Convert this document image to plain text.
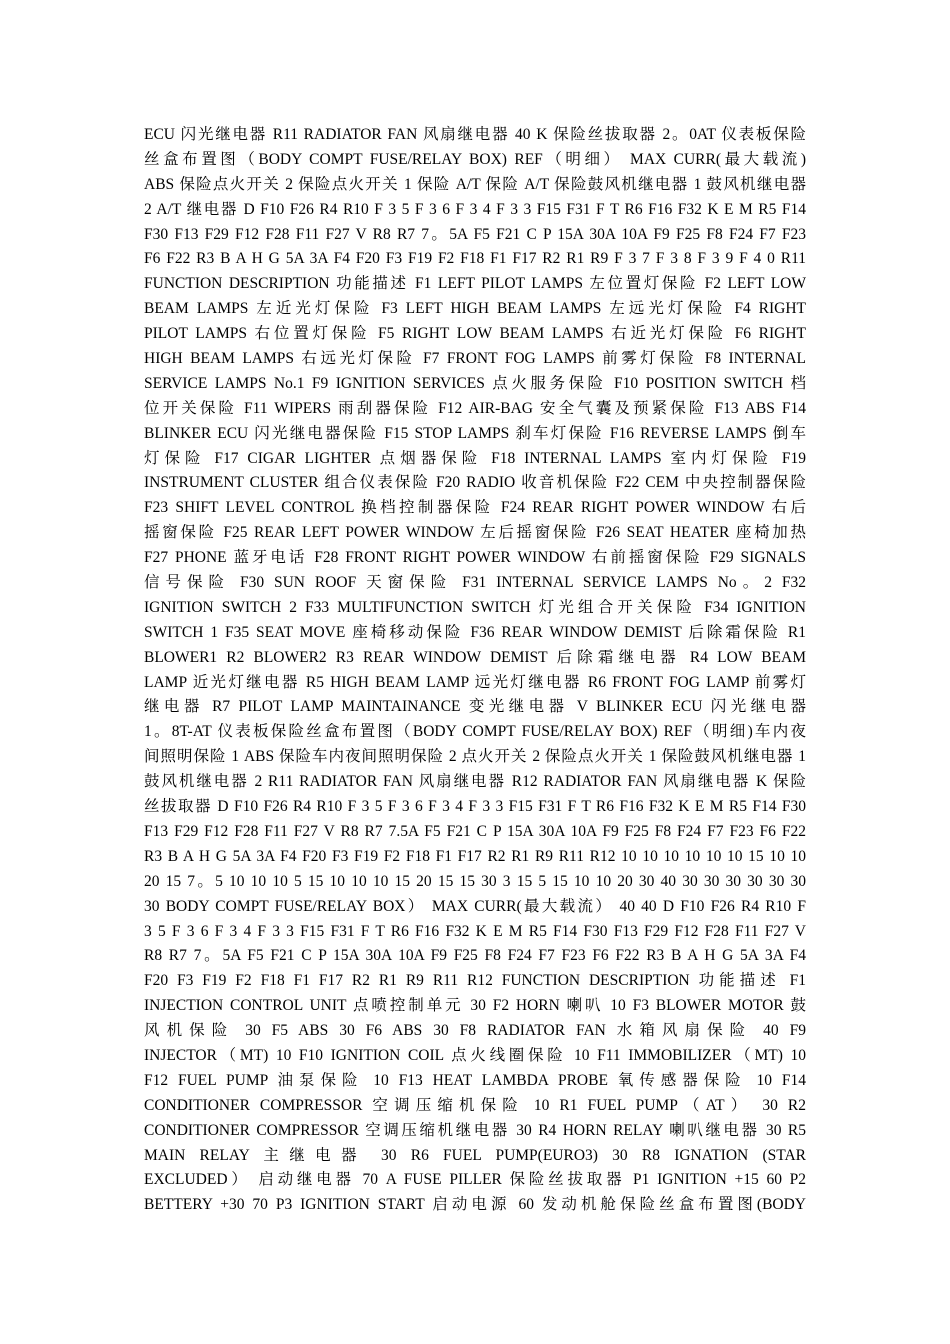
ECU 闪光继电器 R11 RADIATOR FAN 风扇继电器 40 K 保险丝拔取器 2。0AT 仪表板保险
丝盒布置图（BODY COMPT FUSE/RELAY BOX) REF（明细） MAX CURR(最大载流)
ABS 保险点火开关 2 保险点火开关 1 保险 A/T 保险 A/T 保险鼓风机继电器 1 鼓风机继电器
2 A/T 继电器 D F10 F26 R4 R10 F 3 5 F 3 6 F 3 4 F 3 3 F15 F31 F T R6 F16 F32 K E M R5 F14
F30 F13 F29 F12 F28 F11 F27 V R8 R7 7。5A F5 F21 C P 15A 30A 10A F9 F25 F8 F24 F7 F23
F6 F22 R3 B A H G 5A 3A F4 F20 F3 F19 F2 F18 F1 F17 R2 R1 R9 F 3 7 F 3 8 F 3 9 F 4 0 R11
FUNCTION DESCRIPTION 功能描述 F1 LEFT PILOT LAMPS 左位置灯保险 F2 LEFT LOW
BEAM LAMPS 左近光灯保险 F3 LEFT HIGH BEAM LAMPS 左远光灯保险 F4 RIGHT
PILOT LAMPS 右位置灯保险 F5 RIGHT LOW BEAM LAMPS 右近光灯保险 F6 RIGHT
HIGH BEAM LAMPS 右远光灯保险 F7 FRONT FOG LAMPS 前雾灯保险 F8 INTERNAL
SERVICE LAMPS No.1 F9 IGNITION SERVICES 点火服务保险 F10 POSITION SWITCH 档
位开关保险 F11 WIPERS 雨刮器保险 F12 AIR-BAG 安全气囊及预紧保险 F13 ABS F14
BLINKER ECU 闪光继电器保险 F15 STOP LAMPS 刹车灯保险 F16 REVERSE LAMPS 倒车
灯保险 F17 CIGAR LIGHTER 点烟器保险 F18 INTERNAL LAMPS 室内灯保险 F19
INSTRUMENT CLUSTER 组合仪表保险 F20 RADIO 收音机保险 F22 CEM 中央控制器保险
F23 SHIFT LEVEL CONTROL 换档控制器保险 F24 REAR RIGHT POWER WINDOW 右后
摇窗保险 F25 REAR LEFT POWER WINDOW 左后摇窗保险 F26 SEAT HEATER 座椅加热
F27 PHONE 蓝牙电话 F28 FRONT RIGHT POWER WINDOW 右前摇窗保险 F29 SIGNALS
信号保险 F30 SUN ROOF 天窗保险 F31 INTERNAL SERVICE LAMPS No。2 F32
IGNITION SWITCH 2 F33 MULTIFUNCTION SWITCH 灯光组合开关保险 F34 IGNITION
SWITCH 1 F35 SEAT MOVE 座椅移动保险 F36 REAR WINDOW DEMIST 后除霜保险 R1
BLOWER1 R2 BLOWER2 R3 REAR WINDOW DEMIST 后除霜继电器 R4 LOW BEAM
LAMP 近光灯继电器 R5 HIGH BEAM LAMP 远光灯继电器 R6 FRONT FOG LAMP 前雾灯
继电器 R7 PILOT LAMP MAINTAINANCE 变光继电器 V BLINKER ECU 闪光继电器
1。8T-AT 仪表板保险丝盒布置图（BODY COMPT FUSE/RELAY BOX) REF（明细)车内夜
间照明保险 1 ABS 保险车内夜间照明保险 2 点火开关 2 保险点火开关 1 保险鼓风机继电器 1
鼓风机继电器 2 R11 RADIATOR FAN 风扇继电器 R12 RADIATOR FAN 风扇继电器 K 保险
丝拔取器 D F10 F26 R4 R10 F 3 5 F 3 6 F 3 4 F 3 3 F15 F31 F T R6 F16 F32 K E M R5 F14 F30
F13 F29 F12 F28 F11 F27 V R8 R7 7.5A F5 F21 C P 15A 30A 10A F9 F25 F8 F24 F7 F23 F6 F22
R3 B A H G 5A 3A F4 F20 F3 F19 F2 F18 F1 F17 R2 R1 R9 R11 R12 10 10 10 10 10 10 15 10 10
20 15 7。5 10 10 10 5 15 10 10 10 15 20 15 15 30 3 15 5 15 10 10 20 30 40 30 30 30 30 30 30
30 BODY COMPT FUSE/RELAY BOX） MAX CURR(最大载流） 40 40 D F10 F26 R4 R10 F
3 5 F 3 6 F 3 4 F 3 3 F15 F31 F T R6 F16 F32 K E M R5 F14 F30 F13 F29 F12 F28 F11 F27 V
R8 R7 7。5A F5 F21 C P 15A 30A 10A F9 F25 F8 F24 F7 F23 F6 F22 R3 B A H G 5A 3A F4
F20 F3 F19 F2 F18 F1 F17 R2 R1 R9 R11 R12 FUNCTION DESCRIPTION 功能描述 F1
INJECTION CONTROL UNIT 点喷控制单元 30 F2 HORN 喇叭 10 F3 BLOWER MOTOR 鼓
风机保险 30 F5 ABS 30 F6 ABS 30 F8 RADIATOR FAN 水箱风扇保险 40 F9
INJECTOR（MT) 10 F10 IGNITION COIL 点火线圈保险 10 F11 IMMOBILIZER（MT) 10
F12 FUEL PUMP 油泵保险 10 F13 HEAT LAMBDA PROBE 氧传感器保险 10 F14
CONDITIONER COMPRESSOR 空调压缩机保险 10 R1 FUEL PUMP（AT） 30 R2
CONDITIONER COMPRESSOR 空调压缩机继电器 30 R4 HORN RELAY 喇叭继电器 30 R5
MAIN RELAY 主继电器 30 R6 FUEL PUMP(EURO3) 30 R8 IGNATION (STAR
EXCLUDED） 启动继电器 70 A FUSE PILLER 保险丝拔取器 P1 IGNITION +15 60 P2
BETTERY +30 70 P3 IGNITION START 启动电源 60 发动机舱保险丝盒布置图(BODY
